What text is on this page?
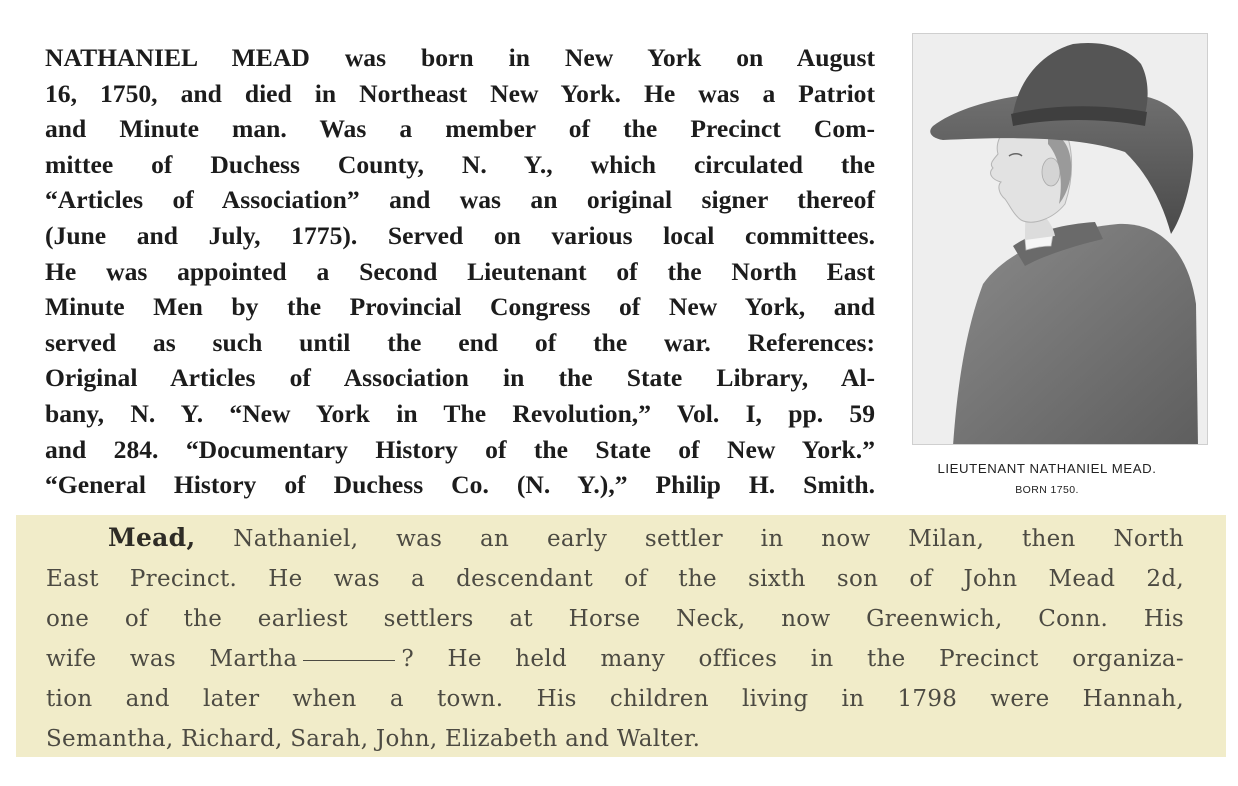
NATHANIEL MEAD was born in New York on August
16, 1750, and died in Northeast New York. He was a Patriot
and Minute man. Was a member of the Precinct Com-
mittee of Duchess County, N. Y., which circulated the
“Articles of Association” and was an original signer thereof
(June and July, 1775). Served on various local committees.
He was appointed a Second Lieutenant of the North East
Minute Men by the Provincial Congress of New York, and
served as such until the end of the war. References:
Original Articles of Association in the State Library, Al-
bany, N. Y. “New York in The Revolution,” Vol. I, pp. 59
and 284. “Documentary History of the State of New York.”
“General History of Duchess Co. (N. Y.),” Philip H. Smith.

LIEUTENANT NATHANIEL MEAD.

BORN 1750.

Mead, Nathaniel, was an early settler in now Milan, then North
East Precinct. He was a descendant of the sixth son of John Mead 2d,
one of the earliest settlers at Horse Neck, now Greenwich, Conn. His
wife was Martha	? He held many offices in the Precinct organiza-
tion and later when a town. His children living in 1798 were Hannah,
Semantha, Richard, Sarah, John, Elizabeth and Walter.
